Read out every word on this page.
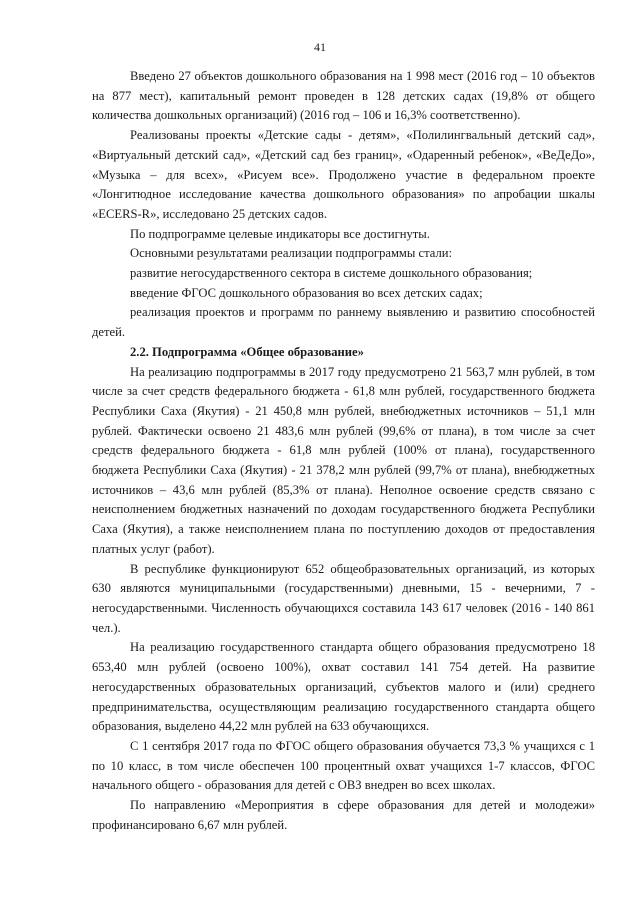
41

Введено 27 объектов дошкольного образования на 1 998 мест (2016 год – 10 объектов на 877 мест), капитальный ремонт проведен в 128 детских садах (19,8% от общего количества дошкольных организаций) (2016 год – 106 и 16,3% соответственно).

Реализованы проекты «Детские сады - детям», «Полилингвальный детский сад», «Виртуальный детский сад», «Детский сад без границ», «Одаренный ребенок», «ВеДеДо», «Музыка – для всех», «Рисуем все». Продолжено участие в федеральном проекте «Лонгитюдное исследование качества дошкольного образования» по апробации шкалы «ECERS-R», исследовано 25 детских садов.

По подпрограмме целевые индикаторы все достигнуты.

Основными результатами реализации подпрограммы стали:

развитие негосударственного сектора в системе дошкольного образования;

введение ФГОС дошкольного образования во всех детских садах;

реализация проектов и программ по раннему выявлению и развитию способностей детей.

2.2. Подпрограмма «Общее образование»

На реализацию подпрограммы в 2017 году предусмотрено 21 563,7 млн рублей, в том числе за счет средств федерального бюджета - 61,8 млн рублей, государственного бюджета Республики Саха (Якутия) - 21 450,8 млн рублей, внебюджетных источников – 51,1 млн рублей. Фактически освоено 21 483,6 млн рублей (99,6% от плана), в том числе за счет средств федерального бюджета - 61,8 млн рублей (100% от плана), государственного бюджета Республики Саха (Якутия) - 21 378,2 млн рублей (99,7% от плана), внебюджетных источников – 43,6 млн рублей (85,3% от плана). Неполное освоение средств связано с неисполнением бюджетных назначений по доходам государственного бюджета Республики Саха (Якутия), а также неисполнением плана по поступлению доходов от предоставления платных услуг (работ).

В республике функционируют 652 общеобразовательных организаций, из которых 630 являются муниципальными (государственными) дневными, 15 - вечерними, 7 - негосударственными. Численность обучающихся составила 143 617 человек (2016 - 140 861 чел.).

На реализацию государственного стандарта общего образования предусмотрено 18 653,40 млн рублей (освоено 100%), охват составил 141 754 детей. На развитие негосударственных образовательных организаций, субъектов малого и (или) среднего предпринимательства, осуществляющим реализацию государственного стандарта общего образования, выделено 44,22 млн рублей на 633 обучающихся.

С 1 сентября 2017 года по ФГОС общего образования обучается 73,3 % учащихся с 1 по 10 класс, в том числе обеспечен 100 процентный охват учащихся 1-7 классов, ФГОС начального общего - образования для детей с ОВЗ внедрен во всех школах.

По направлению «Мероприятия в сфере образования для детей и молодежи» профинансировано 6,67 млн рублей.
